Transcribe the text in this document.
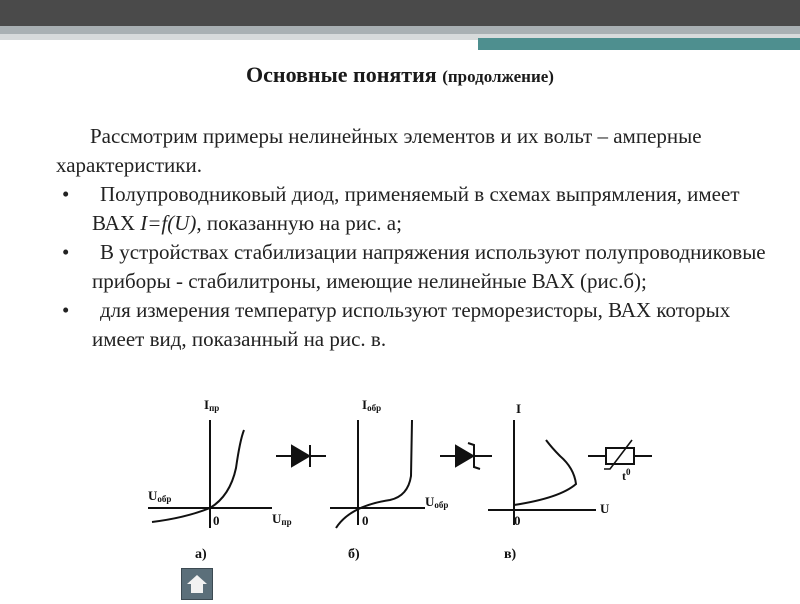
Основные понятия (продолжение)

Рассмотрим примеры нелинейных элементов и их вольт – амперные характеристики.

•	Полупроводниковый диод, применяемый в схемах выпрямления, имеет ВАХ I=f(U), показанную на рис. а;
•	В устройствах стабилизации напряжения используют полупроводниковые приборы - стабилитроны, имеющие нелинейные ВАХ (рис.б);
•	для измерения температур используют терморезисторы, ВАХ которых имеет вид, показанный на рис. в.
Iпр
Uобр
0	Uпр
а)
Iобр
0
Uобр
б)
I
0
U
в)
$t^0$
